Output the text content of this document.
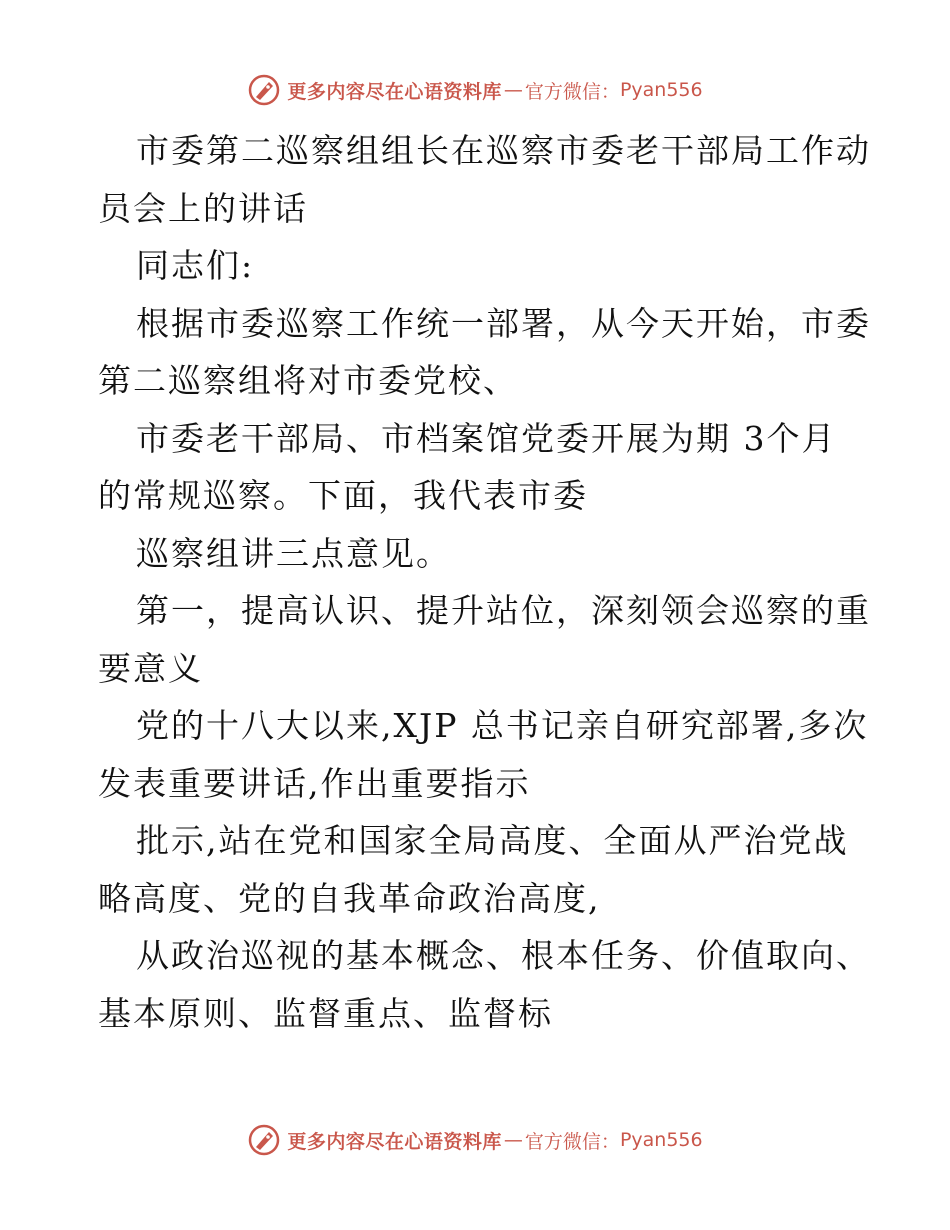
更多内容尽在心语资料库 — 官方微信： Pyan556
市委第二巡察组组长在巡察市委老干部局工作动
员会上的讲话
同志们:
根据市委巡察工作统一部署，从今天开始，市委
第二巡察组将对市委党校、
市委老干部局、市档案馆党委开展为期 3个月
的常规巡察。下面，我代表市委
巡察组讲三点意见。
第一，提高认识、提升站位，深刻领会巡察的重
要意义
党的十八大以来,XJP 总书记亲自研究部署,多次
发表重要讲话,作出重要指示
批示,站在党和国家全局高度、全面从严治党战
略高度、党的自我革命政治高度,
从政治巡视的基本概念、根本任务、价值取向、
基本原则、监督重点、监督标
更多内容尽在心语资料库 — 官方微信： Pyan556
